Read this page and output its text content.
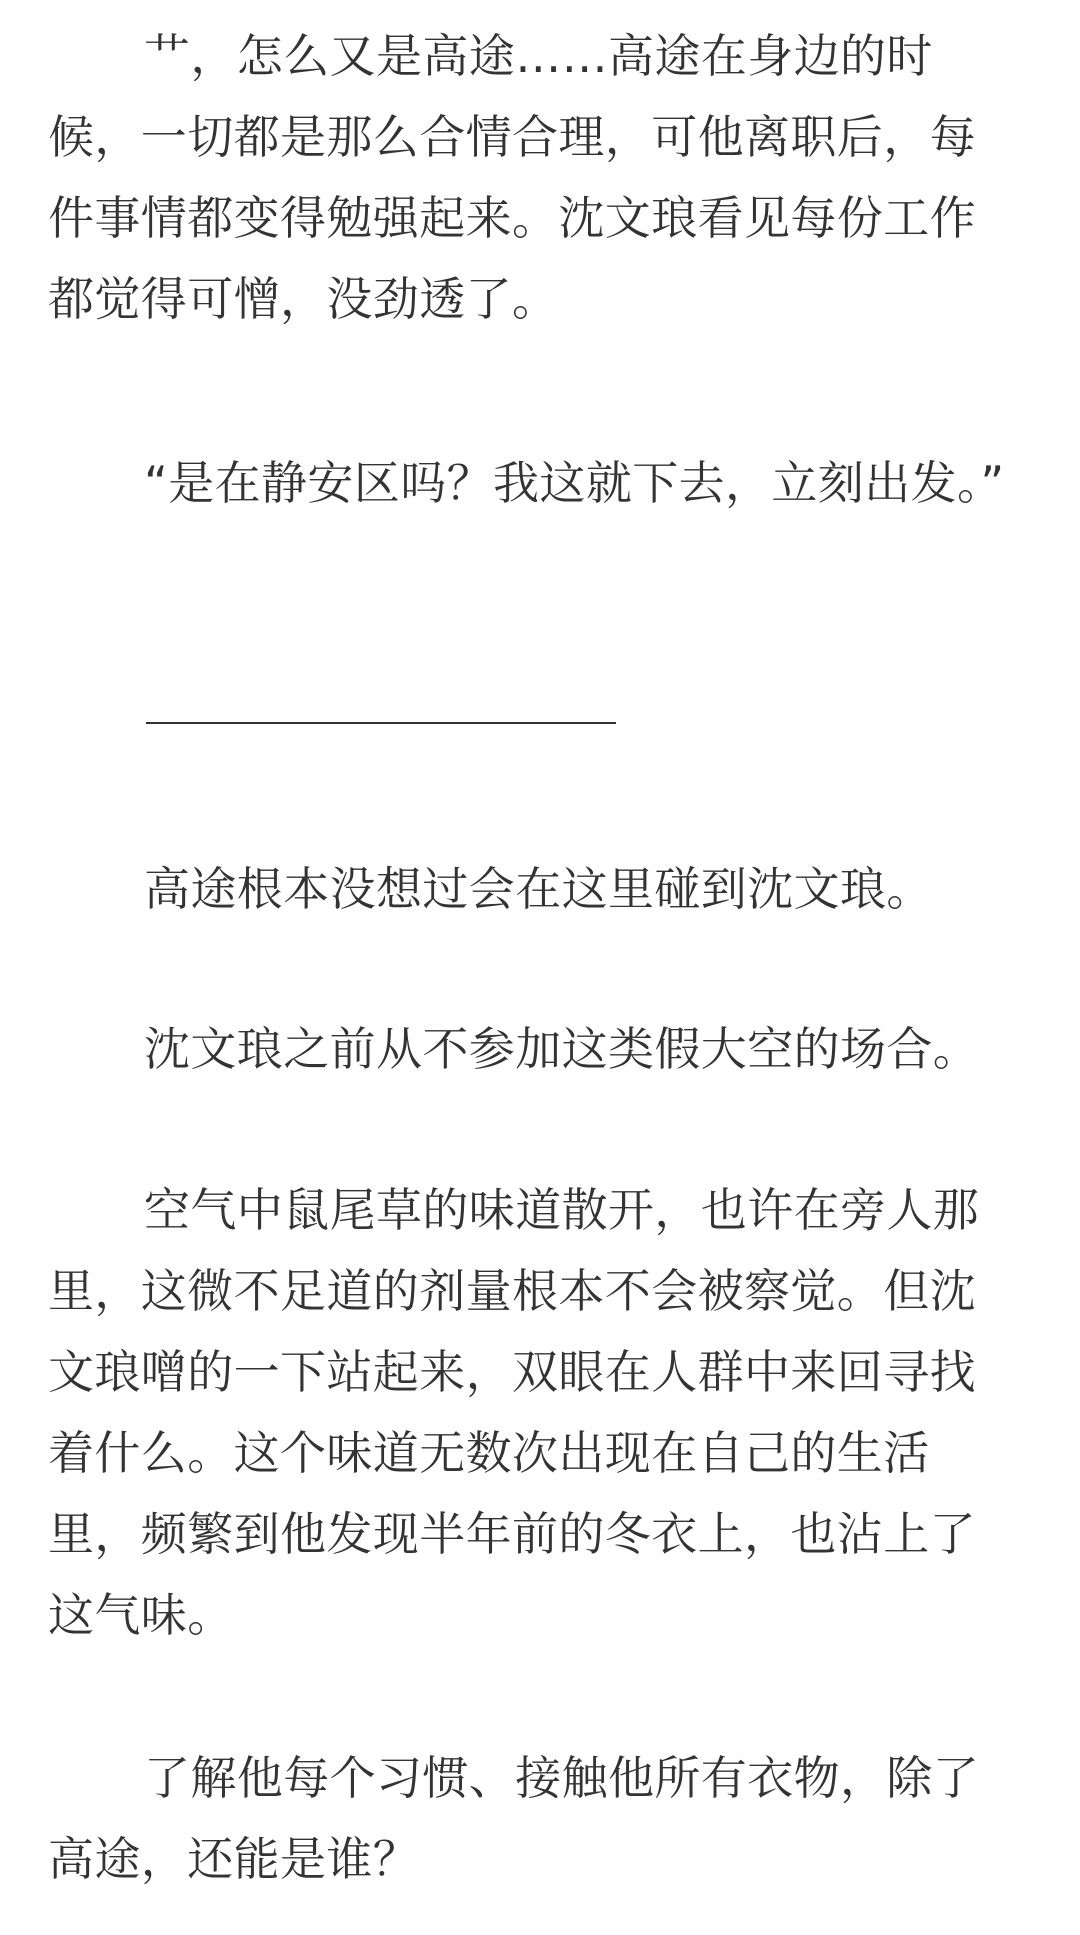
艹，怎么又是高途……高途在身边的时候，一切都是那么合情合理，可他离职后，每件事情都变得勉强起来。沈文琅看见每份工作都觉得可憎，没劲透了。

“是在静安区吗？我这就下去，立刻出发。”

高途根本没想过会在这里碰到沈文琅。

沈文琅之前从不参加这类假大空的场合。

空气中鼠尾草的味道散开，也许在旁人那里，这微不足道的剂量根本不会被察觉。但沈文琅噌的一下站起来，双眼在人群中来回寻找着什么。这个味道无数次出现在自己的生活里，频繁到他发现半年前的冬衣上，也沾上了这气味。

了解他每个习惯、接触他所有衣物，除了高途，还能是谁？
